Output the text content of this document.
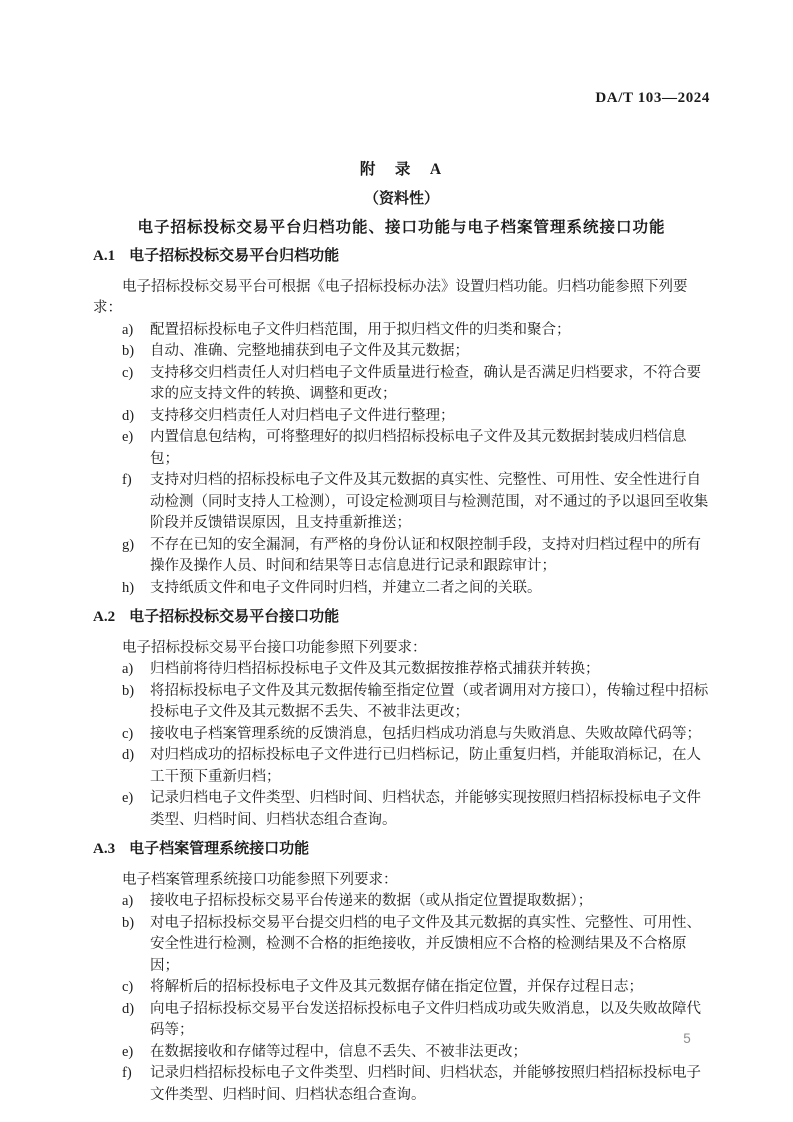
DA/T 103—2024
附　录　A
（资料性）
电子招标投标交易平台归档功能、接口功能与电子档案管理系统接口功能
A.1 电子招标投标交易平台归档功能
电子招标投标交易平台可根据《电子招标投标办法》设置归档功能。归档功能参照下列要求：
a)	配置招标投标电子文件归档范围，用于拟归档文件的归类和聚合；
b)	自动、准确、完整地捕获到电子文件及其元数据；
c)	支持移交归档责任人对归档电子文件质量进行检查，确认是否满足归档要求，不符合要求的应支持文件的转换、调整和更改；
d)	支持移交归档责任人对归档电子文件进行整理；
e)	内置信息包结构，可将整理好的拟归档招标投标电子文件及其元数据封装成归档信息包；
f)	支持对归档的招标投标电子文件及其元数据的真实性、完整性、可用性、安全性进行自动检测（同时支持人工检测），可设定检测项目与检测范围，对不通过的予以退回至收集阶段并反馈错误原因，且支持重新推送；
g)	不存在已知的安全漏洞，有严格的身份认证和权限控制手段，支持对归档过程中的所有操作及操作人员、时间和结果等日志信息进行记录和跟踪审计；
h)	支持纸质文件和电子文件同时归档，并建立二者之间的关联。
A.2 电子招标投标交易平台接口功能
电子招标投标交易平台接口功能参照下列要求：
a)	归档前将待归档招标投标电子文件及其元数据按推荐格式捕获并转换；
b)	将招标投标电子文件及其元数据传输至指定位置（或者调用对方接口），传输过程中招标投标电子文件及其元数据不丢失、不被非法更改；
c)	接收电子档案管理系统的反馈消息，包括归档成功消息与失败消息、失败故障代码等；
d)	对归档成功的招标投标电子文件进行已归档标记，防止重复归档，并能取消标记，在人工干预下重新归档；
e)	记录归档电子文件类型、归档时间、归档状态，并能够实现按照归档招标投标电子文件类型、归档时间、归档状态组合查询。
A.3 电子档案管理系统接口功能
电子档案管理系统接口功能参照下列要求：
a)	接收电子招标投标交易平台传递来的数据（或从指定位置提取数据）；
b)	对电子招标投标交易平台提交归档的电子文件及其元数据的真实性、完整性、可用性、安全性进行检测，检测不合格的拒绝接收，并反馈相应不合格的检测结果及不合格原因；
c)	将解析后的招标投标电子文件及其元数据存储在指定位置，并保存过程日志；
d)	向电子招标投标交易平台发送招标投标电子文件归档成功或失败消息，以及失败故障代码等；
e)	在数据接收和存储等过程中，信息不丢失、不被非法更改；
f)	记录归档招标投标电子文件类型、归档时间、归档状态，并能够按照归档招标投标电子文件类型、归档时间、归档状态组合查询。
5
